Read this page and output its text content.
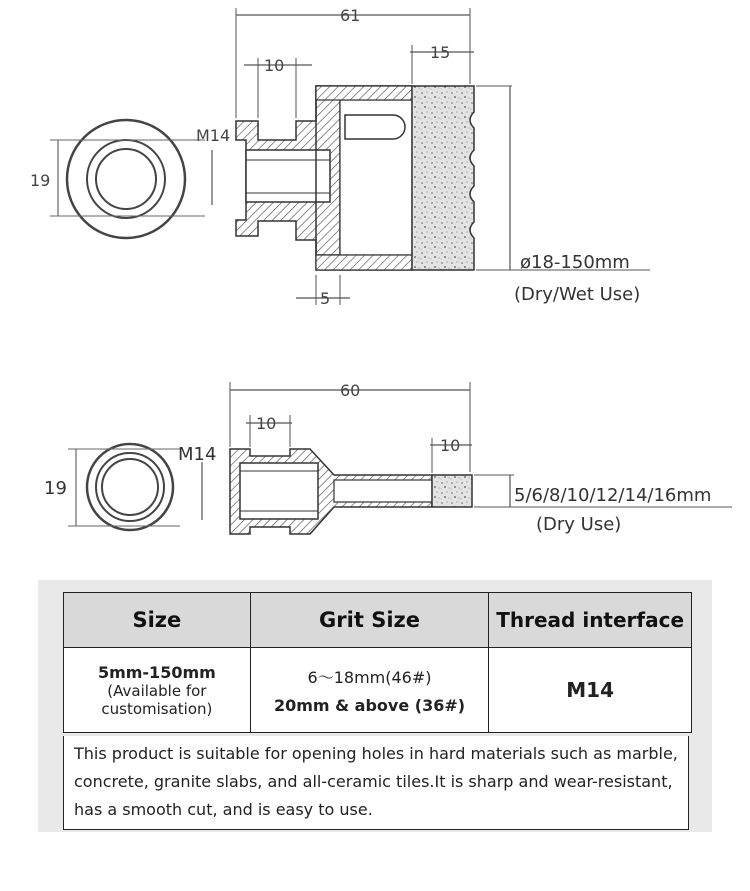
19
61
10
15
M14
5
ø18-150mm
(Dry/Wet Use)
19
60
10
10
M14
5/6/8/10/12/14/16mm
(Dry Use)
Size	Grit Size	Thread interface

5mm-150mm
(Available for
customisation)	6～18mm(46#)
20mm & above (36#)	M14
This product is suitable for opening holes in hard materials such as marble, concrete, granite slabs, and all-ceramic tiles.It is sharp and wear-resistant, has a smooth cut, and is easy to use.
